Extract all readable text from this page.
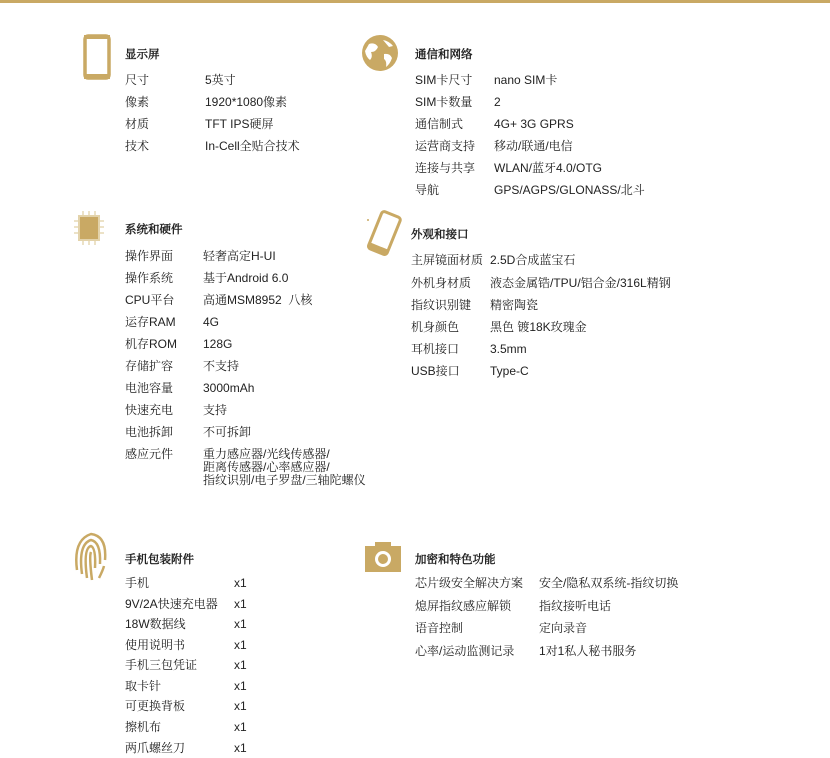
显示屏
尺寸	5英寸
像素	1920*1080像素
材质	TFT IPS硬屏
技术	In-Cell全贴合技术
通信和网络
SIM卡尺寸 nano SIM卡
SIM卡数量 2
通信制式	4G+ 3G GPRS
运营商支持 移动/联通/电信
连接与共享 WLAN/蓝牙4.0/OTG
导航	GPS/AGPS/GLONASS/北斗
系统和硬件
操作界面 轻奢高定H-UI
操作系统 基于Android 6.0
CPU平台 高通MSM8952  八核
运存RAM 4G
机存ROM 128G
存储扩容 不支持
电池容量 3000mAh
快速充电 支持
电池拆卸 不可拆卸
感应元件 重力感应器/光线传感器/
距离传感器/心率感应器/
指纹识别/电子罗盘/三轴陀螺仪
外观和接口
主屏镜面材质 2.5D合成蓝宝石
外机身材质 液态金属锆/TPU/铝合金/316L精钢
指纹识别键 精密陶瓷
机身颜色	黑色 镀18K玫瑰金
耳机接口	3.5mm
USB接口	Type-C
手机包装附件
手机	x1
9V/2A快速充电器 x1
18W数据线	x1
使用说明书	x1
手机三包凭证	x1
取卡针	x1
可更换背板	x1
擦机布	x1
两爪螺丝刀	x1
加密和特色功能
芯片级安全解决方案 安全/隐私双系统-指纹切换
熄屏指纹感应解锁 指纹接听电话
语音控制	定向录音
心率/运动监测记录 1对1私人秘书服务
